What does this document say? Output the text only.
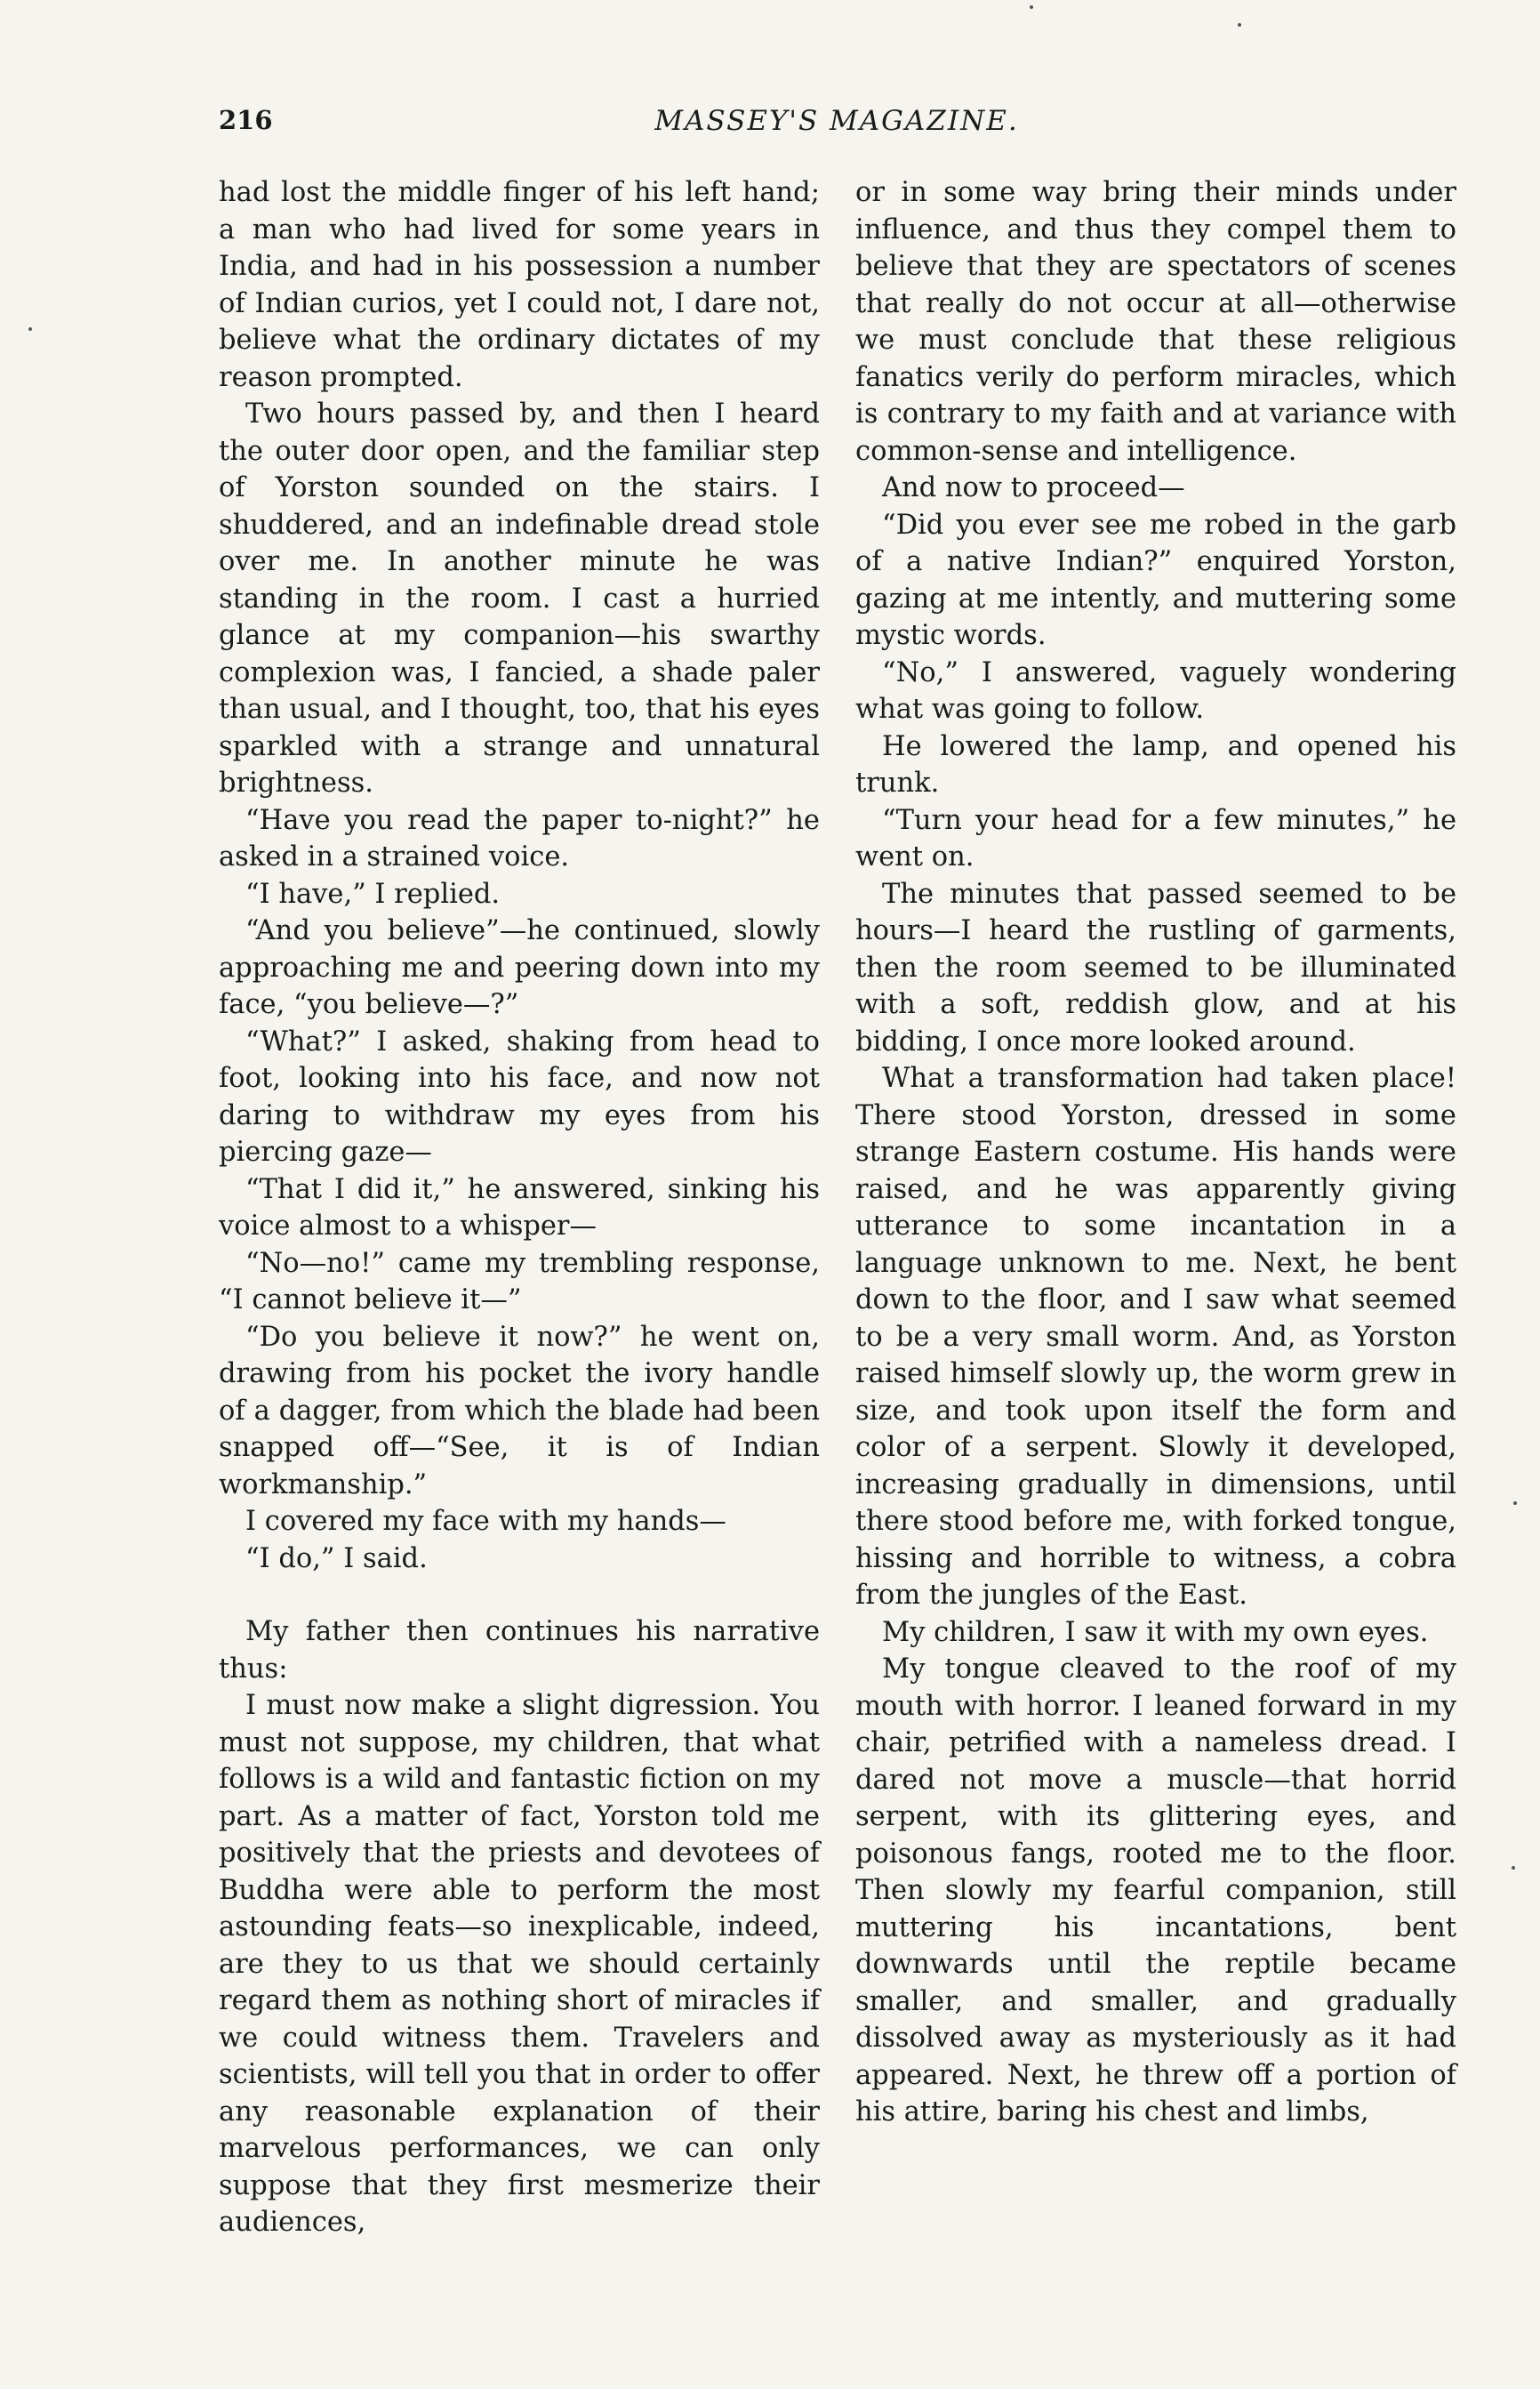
216	MASSEY'S MAGAZINE.

had lost the middle finger of his left hand; a man who had lived for some years in India, and had in his possession a number of Indian curios, yet I could not, I dare not, believe what the ordinary dictates of my reason prompted.

Two hours passed by, and then I heard the outer door open, and the familiar step of Yorston sounded on the stairs. I shuddered, and an indefinable dread stole over me. In another minute he was standing in the room. I cast a hurried glance at my companion—his swarthy complexion was, I fancied, a shade paler than usual, and I thought, too, that his eyes sparkled with a strange and unnatural brightness.

“Have you read the paper to-night?” he asked in a strained voice.

“I have,” I replied.

“And you believe”—he continued, slowly approaching me and peering down into my face, “you believe—?”

“What?” I asked, shaking from head to foot, looking into his face, and now not daring to withdraw my eyes from his piercing gaze—

“That I did it,” he answered, sinking his voice almost to a whisper—

“No—no!” came my trembling response, “I cannot believe it—”

“Do you believe it now?” he went on, drawing from his pocket the ivory handle of a dagger, from which the blade had been snapped off—“See, it is of Indian workmanship.”

I covered my face with my hands—

“I do,” I said.

My father then continues his narrative thus:

I must now make a slight digression. You must not suppose, my children, that what follows is a wild and fantastic fiction on my part. As a matter of fact, Yorston told me positively that the priests and devotees of Buddha were able to perform the most astounding feats—so inexplicable, indeed, are they to us that we should certainly regard them as nothing short of miracles if we could witness them. Travelers and scientists, will tell you that in order to offer any reasonable explanation of their marvelous performances, we can only suppose that they first mesmerize their audiences,

or in some way bring their minds under influence, and thus they compel them to believe that they are spectators of scenes that really do not occur at all—otherwise we must conclude that these religious fanatics verily do perform miracles, which is contrary to my faith and at variance with common-sense and intelligence.

And now to proceed—

“Did you ever see me robed in the garb of a native Indian?” enquired Yorston, gazing at me intently, and muttering some mystic words.

“No,” I answered, vaguely wondering what was going to follow.

He lowered the lamp, and opened his trunk.

“Turn your head for a few minutes,” he went on.

The minutes that passed seemed to be hours—I heard the rustling of garments, then the room seemed to be illuminated with a soft, reddish glow, and at his bidding, I once more looked around.

What a transformation had taken place! There stood Yorston, dressed in some strange Eastern costume. His hands were raised, and he was apparently giving utterance to some incantation in a language unknown to me. Next, he bent down to the floor, and I saw what seemed to be a very small worm. And, as Yorston raised himself slowly up, the worm grew in size, and took upon itself the form and color of a serpent. Slowly it developed, increasing gradually in dimensions, until there stood before me, with forked tongue, hissing and horrible to witness, a cobra from the jungles of the East.

My children, I saw it with my own eyes.

My tongue cleaved to the roof of my mouth with horror. I leaned forward in my chair, petrified with a nameless dread. I dared not move a muscle—that horrid serpent, with its glittering eyes, and poisonous fangs, rooted me to the floor. Then slowly my fearful companion, still muttering his incantations, bent downwards until the reptile became smaller, and smaller, and gradually dissolved away as mysteriously as it had appeared. Next, he threw off a portion of his attire, baring his chest and limbs,
